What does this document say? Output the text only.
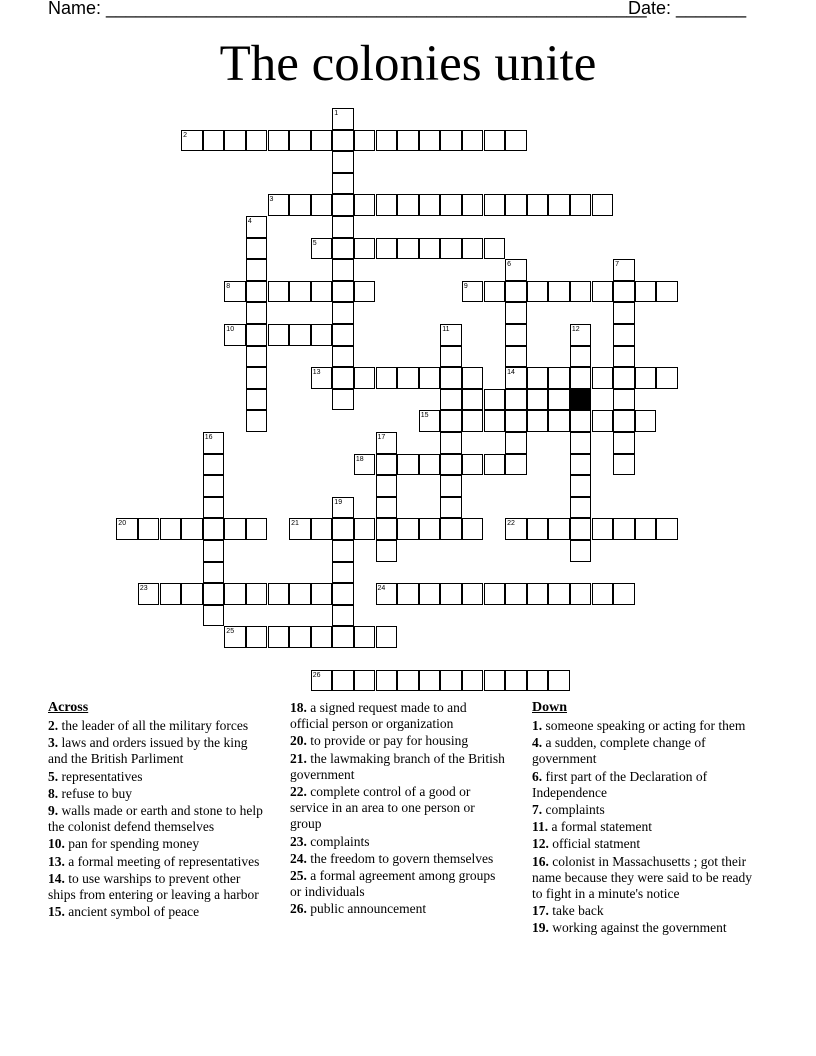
Name: ______________________________________________________
Date: _______
The colonies unite
1
2
3
4
5
6	7
8	9
10	11	12
13	14
15
16	17
18
19
20	21	22
23	24
25
26
Across
2. the leader of all the military forces
3. laws and orders issued by the king and the British Parliment
5. representatives
8. refuse to buy
9. walls made or earth and stone to help the colonist defend themselves
10. pan for spending money
13. a formal meeting of representatives
14. to use warships to prevent other ships from entering or leaving a harbor
15. ancient symbol of peace
18. a signed request made to and official person or organization
20. to provide or pay for housing
21. the lawmaking branch of the British government
22. complete control of a good or service in an area to one person or group
23. complaints
24. the freedom to govern themselves
25. a formal agreement among groups or individuals
26. public announcement
Down
1. someone speaking or acting for them
4. a sudden, complete change of government
6. first part of the Declaration of Independence
7. complaints
11. a formal statement
12. official statment
16. colonist in Massachusetts ; got their name because they were said to be ready to fight in a minute's notice
17. take back
19. working against the government
